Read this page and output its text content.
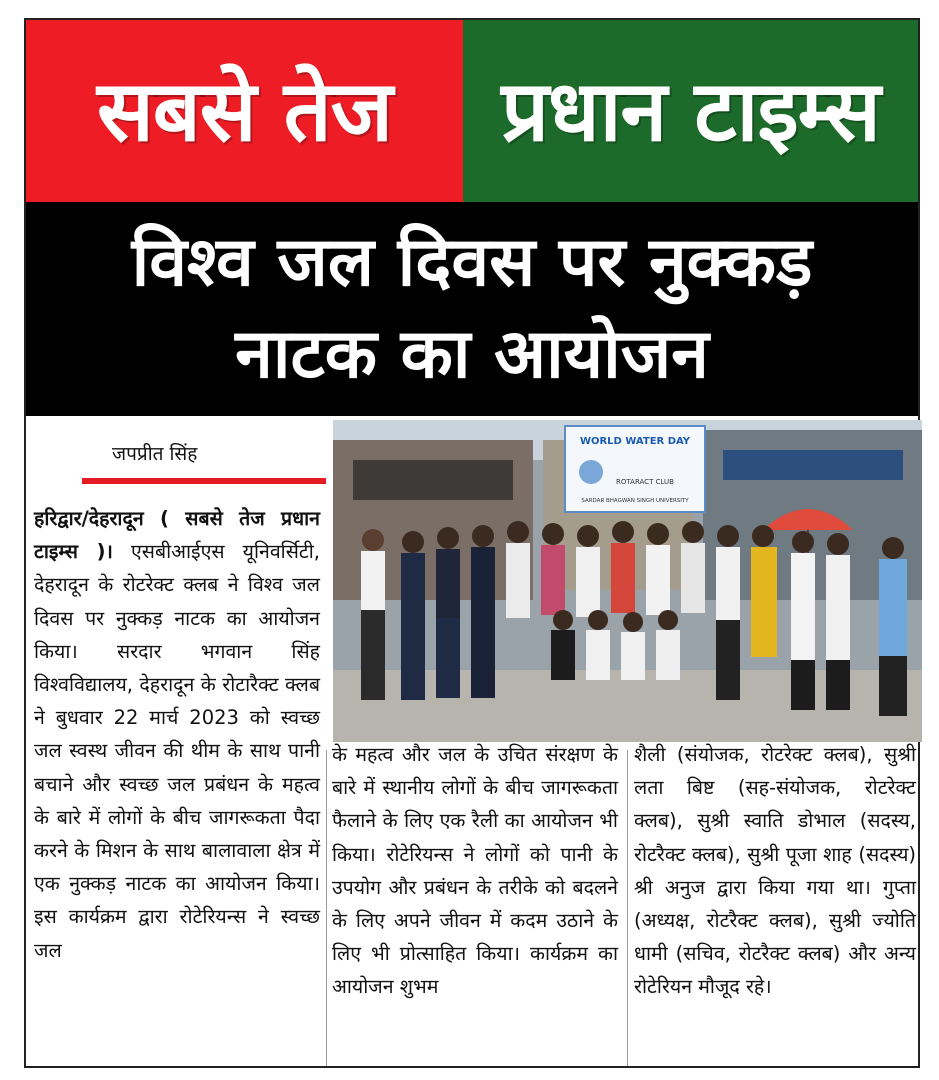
सबसे तेज प्रधान टाइम्स
विश्व जल दिवस पर नुक्कड़
नाटक का आयोजन
जपप्रीत सिंह
WORLD WATER DAY
ROTARACT CLUB
SARDAR BHAGWAN SINGH UNIVERSITY

हरिद्वार/देहरादून ( सबसे तेज प्रधान टाइम्स )। एसबीआईएस यूनिवर्सिटी, देहरादून के रोटरेक्ट क्लब ने विश्व जल दिवस पर नुक्कड़ नाटक का आयोजन किया। सरदार भगवान सिंह विश्वविद्यालय, देहरादून के रोटारैक्ट क्लब ने बुधवार 22 मार्च 2023 को स्वच्छ जल स्वस्थ जीवन की थीम के साथ पानी बचाने और स्वच्छ जल प्रबंधन के महत्व के बारे में लोगों के बीच जागरूकता पैदा करने के मिशन के साथ बालावाला क्षेत्र में एक नुक्कड़ नाटक का आयोजन किया। इस कार्यक्रम द्वारा रोटेरियन्स ने स्वच्छ जल

के महत्व और जल के उचित संरक्षण के बारे में स्थानीय लोगों के बीच जागरूकता फैलाने के लिए एक रैली का आयोजन भी किया। रोटेरियन्स ने लोगों को पानी के उपयोग और प्रबंधन के तरीके को बदलने के लिए अपने जीवन में कदम उठाने के लिए भी प्रोत्साहित किया। कार्यक्रम का आयोजन शुभम

शैली (संयोजक, रोटरेक्ट क्लब), सुश्री लता बिष्ट (सह-संयोजक, रोटरेक्ट क्लब), सुश्री स्वाति डोभाल (सदस्य, रोटरैक्ट क्लब), सुश्री पूजा शाह (सदस्य) श्री अनुज द्वारा किया गया था। गुप्ता (अध्यक्ष, रोटरैक्ट क्लब), सुश्री ज्योति धामी (सचिव, रोटरैक्ट क्लब) और अन्य रोटेरियन मौजूद रहे।
